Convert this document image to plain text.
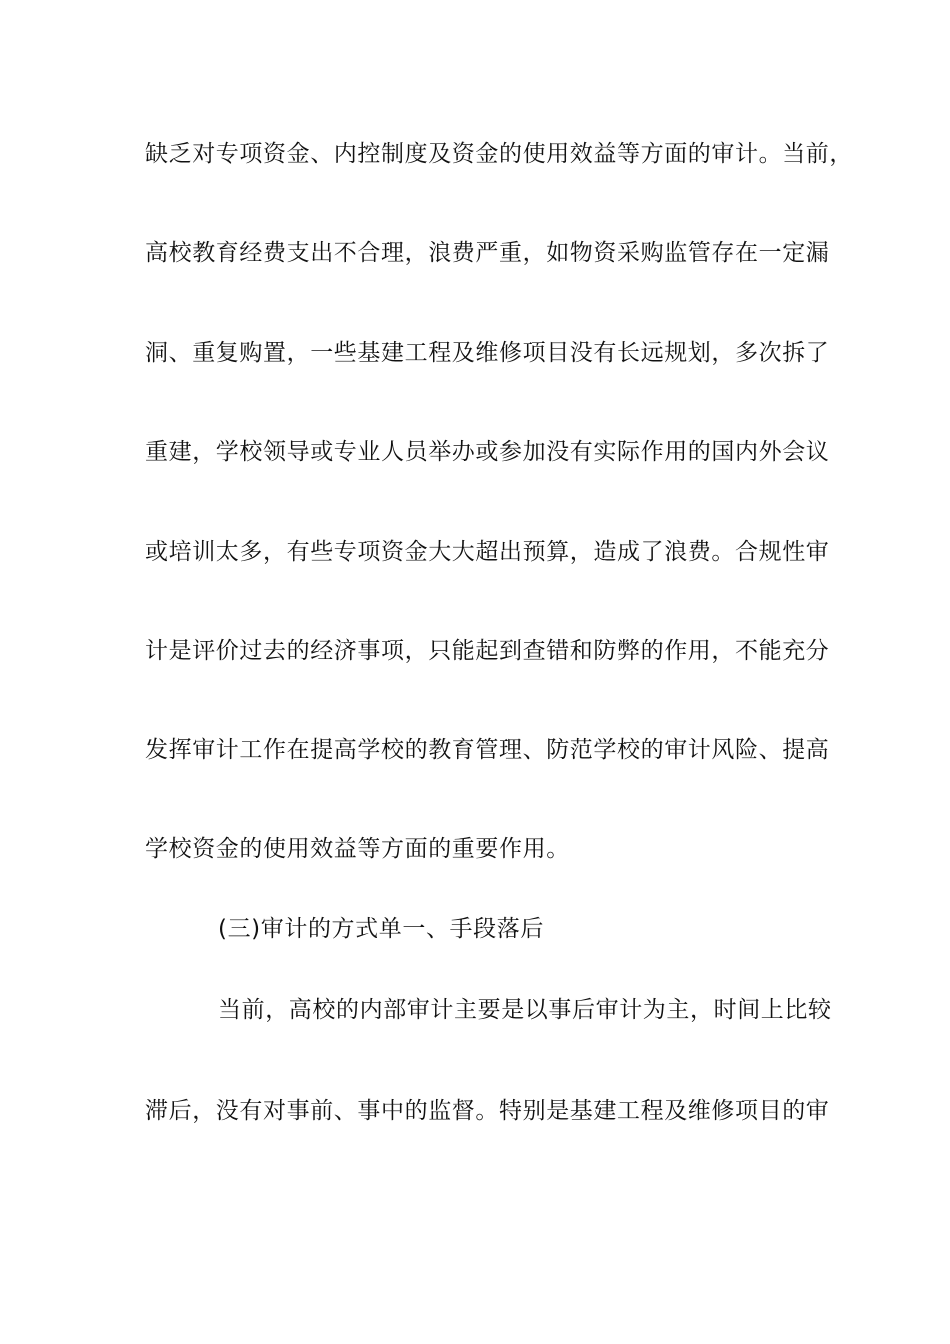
缺乏对专项资金、内控制度及资金的使用效益等方面的审计。当前，
高校教育经费支出不合理，浪费严重，如物资采购监管存在一定漏
洞、重复购置，一些基建工程及维修项目没有长远规划，多次拆了
重建，学校领导或专业人员举办或参加没有实际作用的国内外会议
或培训太多，有些专项资金大大超出预算，造成了浪费。合规性审
计是评价过去的经济事项，只能起到查错和防弊的作用，不能充分
发挥审计工作在提高学校的教育管理、防范学校的审计风险、提高
学校资金的使用效益等方面的重要作用。
(三)审计的方式单一、手段落后
当前，高校的内部审计主要是以事后审计为主，时间上比较
滞后，没有对事前、事中的监督。特别是基建工程及维修项目的审
